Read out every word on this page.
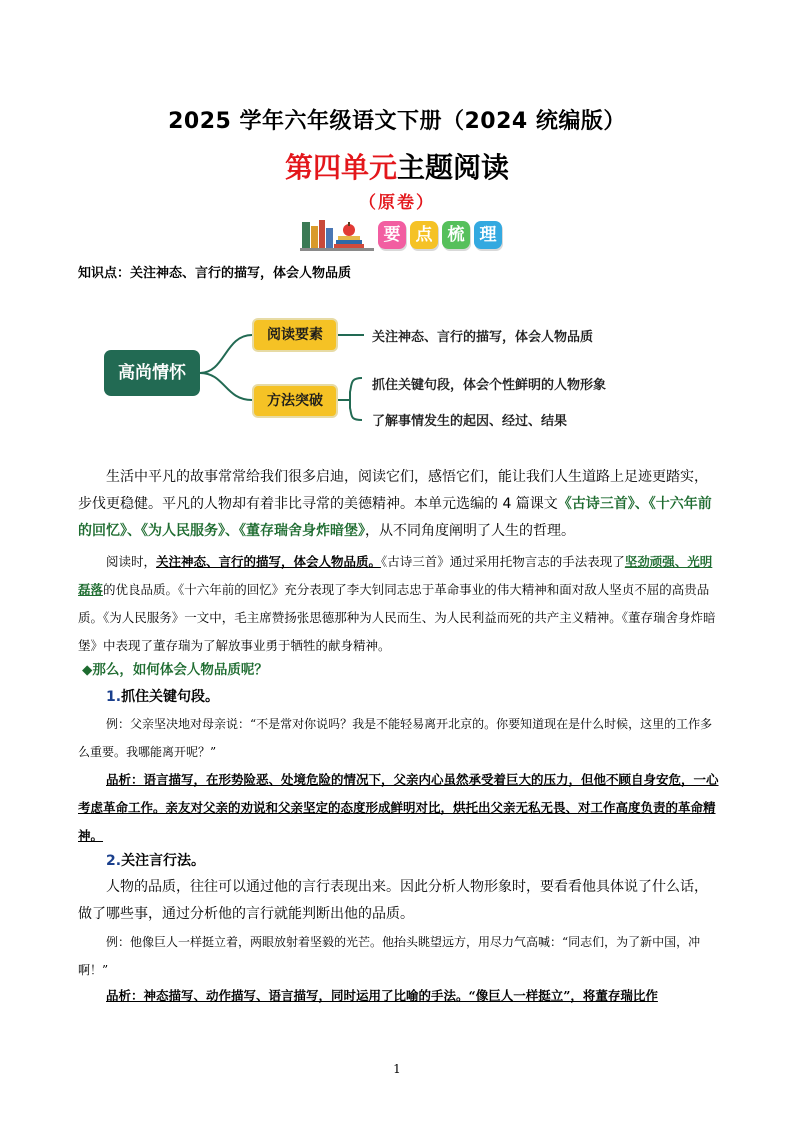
2025 学年六年级语文下册（2024 统编版）
第四单元主题阅读
（原卷）
要 点 梳 理
知识点：关注神态、言行的描写，体会人物品质
高尚情怀
阅读要素
方法突破
关注神态、言行的描写，体会人物品质
抓住关键句段，体会个性鲜明的人物形象
了解事情发生的起因、经过、结果
生活中平凡的故事常常给我们很多启迪，阅读它们，感悟它们，能让我们人生道路上足迹更踏实，步伐更稳健。平凡的人物却有着非比寻常的美德精神。本单元选编的 4 篇课文《古诗三首》、《十六年前的回忆》、《为人民服务》、《董存瑞舍身炸暗堡》，从不同角度阐明了人生的哲理。
阅读时，关注神态、言行的描写，体会人物品质。《古诗三首》通过采用托物言志的手法表现了坚劲顽强、光明磊落的优良品质。《十六年前的回忆》充分表现了李大钊同志忠于革命事业的伟大精神和面对敌人坚贞不屈的高贵品质。《为人民服务》一文中，毛主席赞扬张思德那种为人民而生、为人民利益而死的共产主义精神。《董存瑞舍身炸暗堡》中表现了董存瑞为了解放事业勇于牺牲的献身精神。
◆那么，如何体会人物品质呢？
1.抓住关键句段。
例：父亲坚决地对母亲说：“不是常对你说吗？我是不能轻易离开北京的。你要知道现在是什么时候，这里的工作多么重要。我哪能离开呢？”
品析：语言描写，在形势险恶、处境危险的情况下，父亲内心虽然承受着巨大的压力，但他不顾自身安危，一心考虑革命工作。亲友对父亲的劝说和父亲坚定的态度形成鲜明对比，烘托出父亲无私无畏、对工作高度负责的革命精神。
2.关注言行法。
人物的品质，往往可以通过他的言行表现出来。因此分析人物形象时，要看看他具体说了什么话，做了哪些事，通过分析他的言行就能判断出他的品质。
例：他像巨人一样挺立着，两眼放射着坚毅的光芒。他抬头眺望远方，用尽力气高喊：“同志们，为了新中国，冲啊！”
品析：神态描写、动作描写、语言描写，同时运用了比喻的手法。“像巨人一样挺立”，将董存瑞比作
1
